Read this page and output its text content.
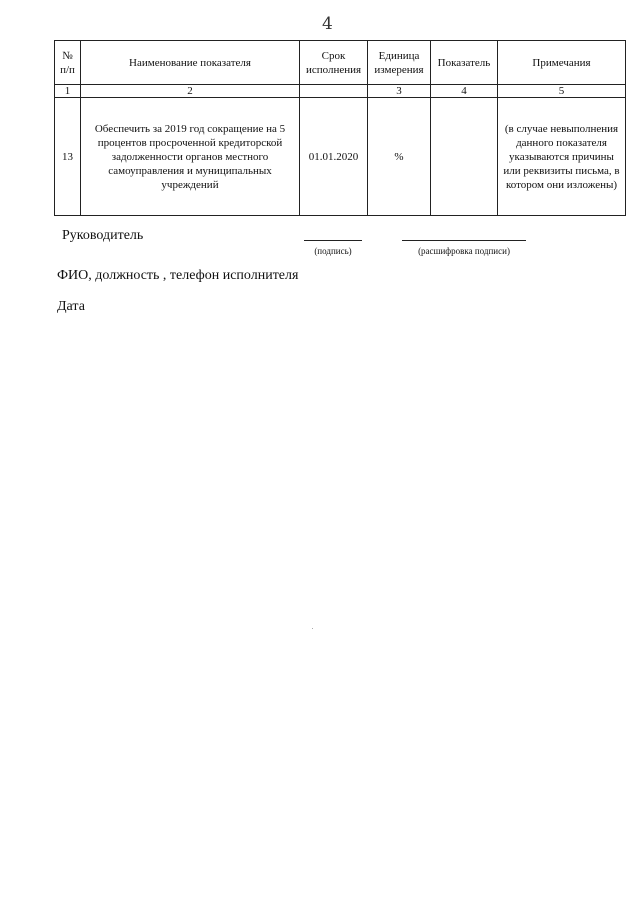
4
№ п/п	Наименование показателя	Срок исполнения	Единица измерения	Показатель	Примечания
1	2		3	4	5
13	Обеспечить за 2019 год сокращение на 5 процентов просроченной кредиторской задолженности органов местного самоуправления и муниципальных учреждений	01.01.2020	%		(в случае невыполнения данного показателя указываются причины или реквизиты письма, в котором они изложены)
Руководитель
(подпись)	(расшифровка подписи)
ФИО, должность , телефон исполнителя
Дата
